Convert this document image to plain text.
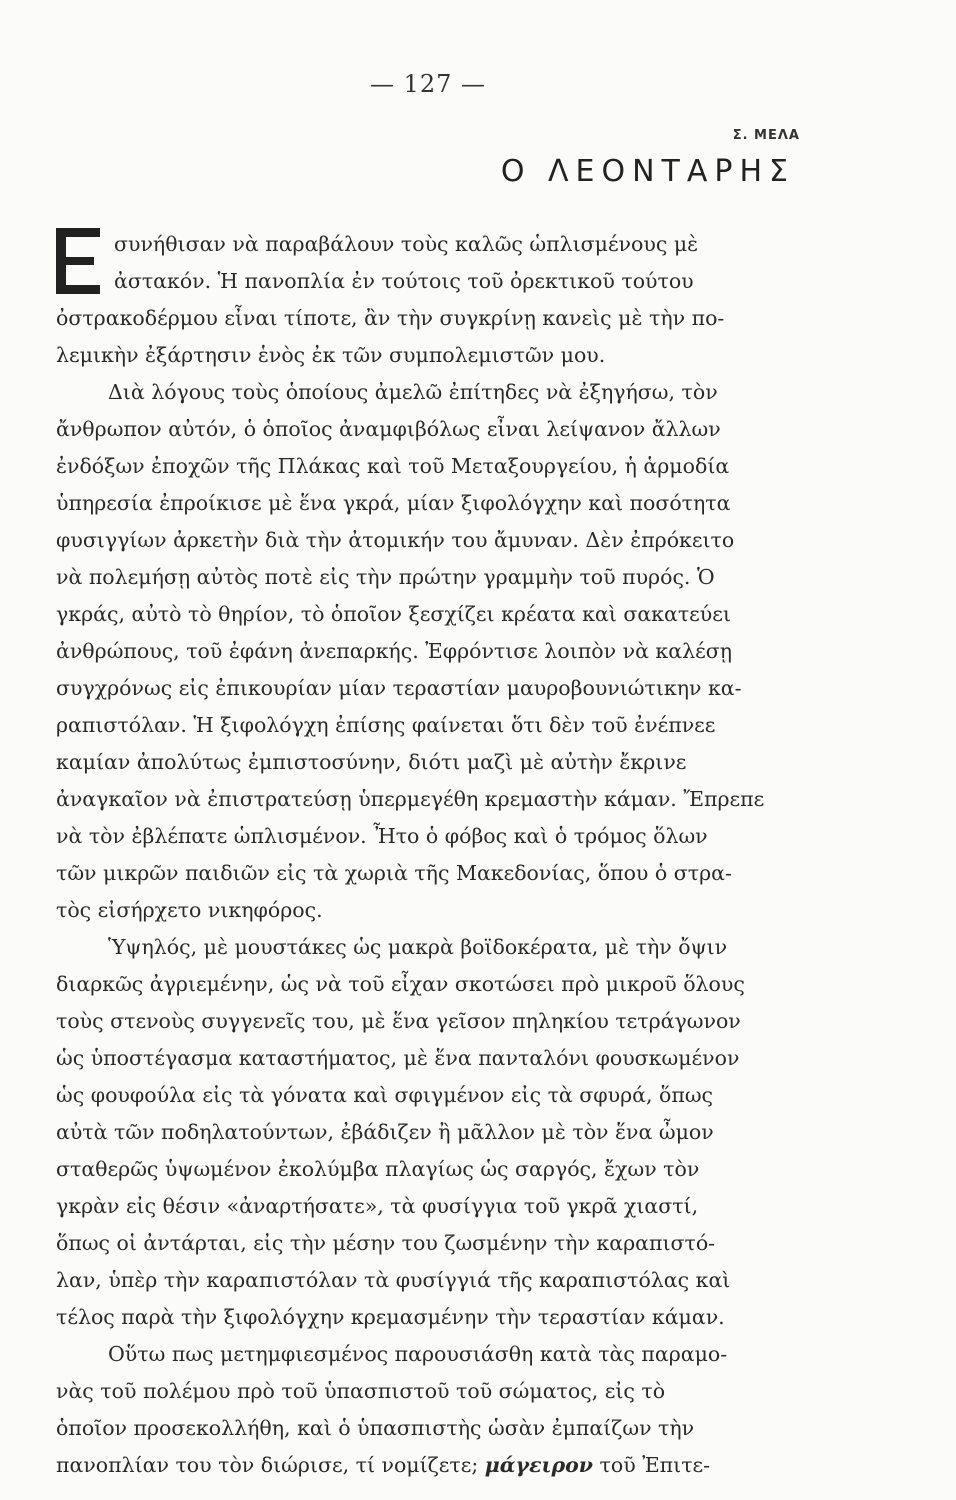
— 127 —
Σ. ΜΕΛΑ
Ο ΛΕΟΝΤΑΡΗΣ
συνήθισαν νὰ παραβάλουν τοὺς καλῶς ὡπλισμένους μὲ
ἀστακόν. Ἡ πανοπλία ἐν τούτοις τοῦ ὀρεκτικοῦ τούτου
ὀστρακοδέρμου εἶναι τίποτε, ἂν τὴν συγκρίνῃ κανεὶς μὲ τὴν πο-
λεμικὴν ἐξάρτησιν ἑνὸς ἐκ τῶν συμπολεμιστῶν μου.
Διὰ λόγους τοὺς ὁποίους ἀμελῶ ἐπίτηδες νὰ ἐξηγήσω, τὸν
ἄνθρωπον αὐτόν, ὁ ὁποῖος ἀναμφιβόλως εἶναι λείψανον ἄλλων
ἐνδόξων ἐποχῶν τῆς Πλάκας καὶ τοῦ Μεταξουργείου, ἡ ἁρμοδία
ὑπηρεσία ἐπροίκισε μὲ ἕνα γκρά, μίαν ξιφολόγχην καὶ ποσότητα
φυσιγγίων ἀρκετὴν διὰ τὴν ἀτομικήν του ἄμυναν. Δὲν ἐπρόκειτο
νὰ πολεμήσῃ αὐτὸς ποτὲ εἰς τὴν πρώτην γραμμὴν τοῦ πυρός. Ὁ
γκράς, αὐτὸ τὸ θηρίον, τὸ ὁποῖον ξεσχίζει κρέατα καὶ σακατεύει
ἀνθρώπους, τοῦ ἐφάνη ἀνεπαρκής. Ἐφρόντισε λοιπὸν νὰ καλέσῃ
συγχρόνως εἰς ἐπικουρίαν μίαν τεραστίαν μαυροβουνιώτικην κα-
ραπιστόλαν. Ἡ ξιφολόγχη ἐπίσης φαίνεται ὅτι δὲν τοῦ ἐνέπνεε
καμίαν ἀπολύτως ἐμπιστοσύνην, διότι μαζὶ μὲ αὐτὴν ἔκρινε
ἀναγκαῖον νὰ ἐπιστρατεύσῃ ὑπερμεγέθη κρεμαστὴν κάμαν. Ἔπρεπε
νὰ τὸν ἐβλέπατε ὡπλισμένον. Ἦτο ὁ φόβος καὶ ὁ τρόμος ὅλων
τῶν μικρῶν παιδιῶν εἰς τὰ χωριὰ τῆς Μακεδονίας, ὅπου ὁ στρα-
τὸς εἰσήρχετο νικηφόρος.
Ὑψηλός, μὲ μουστάκες ὡς μακρὰ βοϊδοκέρατα, μὲ τὴν ὄψιν
διαρκῶς ἀγριεμένην, ὡς νὰ τοῦ εἶχαν σκοτώσει πρὸ μικροῦ ὅλους
τοὺς στενοὺς συγγενεῖς του, μὲ ἕνα γεῖσον πηληκίου τετράγωνον
ὡς ὑποστέγασμα καταστήματος, μὲ ἕνα πανταλόνι φουσκωμένον
ὡς φουφούλα εἰς τὰ γόνατα καὶ σφιγμένον εἰς τὰ σφυρά, ὅπως
αὐτὰ τῶν ποδηλατούντων, ἐβάδιζεν ἢ μᾶλλον μὲ τὸν ἕνα ὦμον
σταθερῶς ὑψωμένον ἐκολύμβα πλαγίως ὡς σαργός, ἔχων τὸν
γκρὰν εἰς θέσιν «ἀναρτήσατε», τὰ φυσίγγια τοῦ γκρᾶ χιαστί,
ὅπως οἱ ἀντάρται, εἰς τὴν μέσην του ζωσμένην τὴν καραπιστό-
λαν, ὑπὲρ τὴν καραπιστόλαν τὰ φυσίγγιά τῆς καραπιστόλας καὶ
τέλος παρὰ τὴν ξιφολόγχην κρεμασμένην τὴν τεραστίαν κάμαν.
Οὕτω πως μετημφιεσμένος παρουσιάσθη κατὰ τὰς παραμο-
νὰς τοῦ πολέμου πρὸ τοῦ ὑπασπιστοῦ τοῦ σώματος, εἰς τὸ
ὁποῖον προσεκολλήθη, καὶ ὁ ὑπασπιστὴς ὡσὰν ἐμπαίζων τὴν
πανοπλίαν του τὸν διώρισε, τί νομίζετε; μάγειρον τοῦ Ἐπιτε-
